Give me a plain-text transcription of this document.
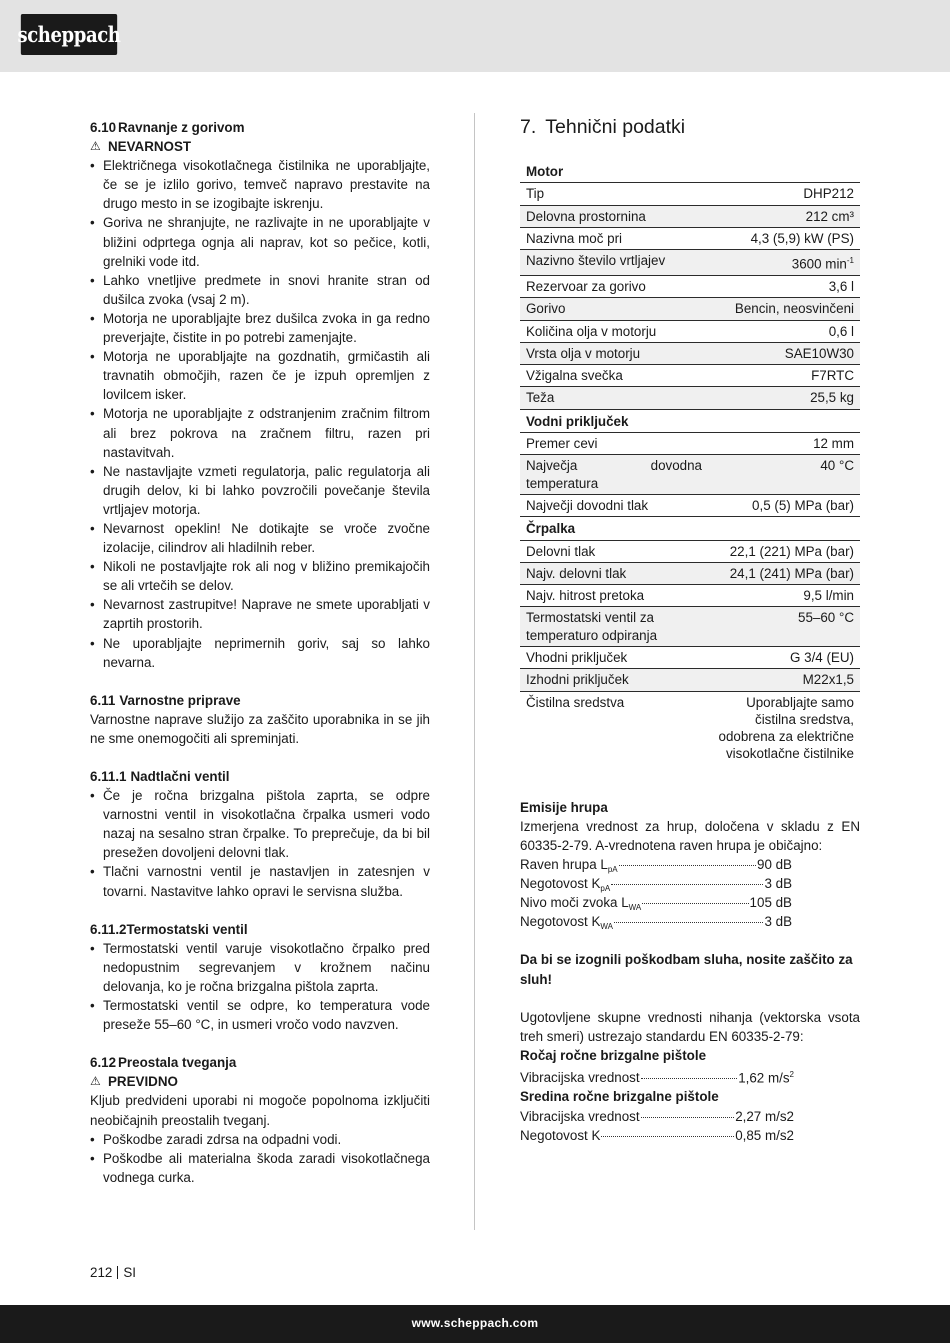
scheppach

6.10 Ravnanje z gorivom

⚠ NEVARNOST

• Električnega visokotlačnega čistilnika ne uporabljajte, če se je izlilo gorivo, temveč napravo prestavite na drugo mesto in se izogibajte iskrenju.
• Goriva ne shranjujte, ne razlivajte in ne uporabljajte v bližini odprtega ognja ali naprav, kot so pečice, kotli, grelniki vode itd.
• Lahko vnetljive predmete in snovi hranite stran od dušilca zvoka (vsaj 2 m).
• Motorja ne uporabljajte brez dušilca zvoka in ga redno preverjajte, čistite in po potrebi zamenjajte.
• Motorja ne uporabljajte na gozdnatih, grmičastih ali travnatih območjih, razen če je izpuh opremljen z lovilcem isker.
• Motorja ne uporabljajte z odstranjenim zračnim filtrom ali brez pokrova na zračnem filtru, razen pri nastavitvah.
• Ne nastavljajte vzmeti regulatorja, palic regulatorja ali drugih delov, ki bi lahko povzročili povečanje števila vrtljajev motorja.
• Nevarnost opeklin! Ne dotikajte se vroče zvočne izolacije, cilindrov ali hladilnih reber.
• Nikoli ne postavljajte rok ali nog v bližino premikajočih se ali vrtečih se delov.
• Nevarnost zastrupitve! Naprave ne smete uporabljati v zaprtih prostorih.
• Ne uporabljajte neprimernih goriv, saj so lahko nevarna.

6.11 Varnostne priprave

Varnostne naprave služijo za zaščito uporabnika in se jih ne sme onemogočiti ali spreminjati.

6.11.1 Nadtlačni ventil

• Če je ročna brizgalna pištola zaprta, se odpre varnostni ventil in visokotlačna črpalka usmeri vodo nazaj na sesalno stran črpalke. To preprečuje, da bi bil presežen dovoljeni delovni tlak.
• Tlačni varnostni ventil je nastavljen in zatesnjen v tovarni. Nastavitve lahko opravi le servisna služba.

6.11.2Termostatski ventil

• Termostatski ventil varuje visokotlačno črpalko pred nedopustnim segrevanjem v krožnem načinu delovanja, ko je ročna brizgalna pištola zaprta.
• Termostatski ventil se odpre, ko temperatura vode preseže 55–60 °C, in usmeri vročo vodo navzven.

6.12 Preostala tveganja

⚠ PREVIDNO

Kljub predvideni uporabi ni mogoče popolnoma izključiti neobičajnih preostalih tveganj.

• Poškodbe zaradi zdrsa na odpadni vodi.
• Poškodbe ali materialna škoda zaradi visokotlačnega vodnega curka.
7. Tehnični podatki
Motor	
Tip	DHP212
Delovna prostornina	212 cm³
Nazivna moč pri	4,3 (5,9) kW (PS)
Nazivno število vrtljajev	3600 $\min^{-1}$
Rezervoar za gorivo	3,6 l
Gorivo	Bencin, neosvinčeni
Količina olja v motorju	0,6 l
Vrsta olja v motorju	SAE10W30
Vžigalna svečka	F7RTC
Teža	25,5 kg
Vodni priključek	
Premer cevi	12 mm
Največja dovodna temperatura	40 °C
Največji dovodni tlak	0,5 (5) MPa (bar)
Črpalka	
Delovni tlak	22,1 (221) MPa (bar)
Najv. delovni tlak	24,1 (241) MPa (bar)
Najv. hitrost pretoka	9,5 l/min
Termostatski ventil za temperaturo odpiranja	55–60 °C
Vhodni priključek	G 3/4 (EU)
Izhodni priključek	M22x1,5
Čistilna sredstva	Uporabljajte samo čistilna sredstva, odobrena za električne visokotlačne čistilnike

Emisije hrupa

Izmerjena vrednost za hrup, določena v skladu z EN 60335-2-79. A-vrednotena raven hrupa je običajno:

Raven hrupa $L_{pA}$	90 dB
Negotovost $K_{pA}$	3 dB
Nivo moči zvoka $L_{WA}$	105 dB
Negotovost $K_{WA}$	3 dB

Da bi se izognili poškodbam sluha, nosite zaščito za sluh!

Ugotovljene skupne vrednosti nihanja (vektorska vsota treh smeri) ustrezajo standardu EN 60335-2-79:

Ročaj ročne brizgalne pištole

Vibracijska vrednost	1,62 $m/s^2$

Sredina ročne brizgalne pištole

Vibracijska vrednost	2,27 m/s2
Negotovost K	0,85 m/s2
212 SI
www.scheppach.com
